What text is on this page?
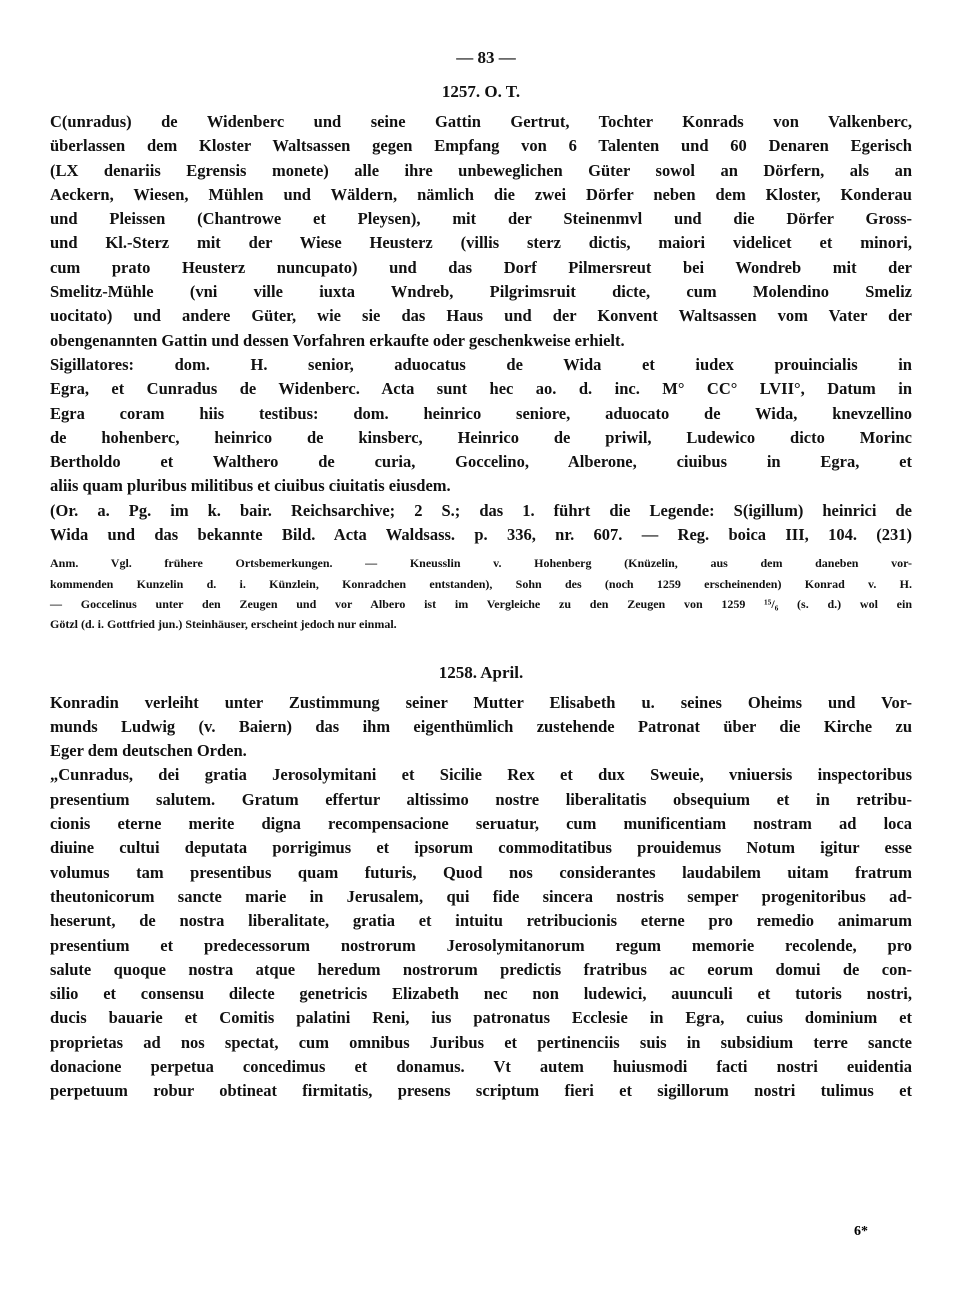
— 83 —
1257. O. T.
C(unradus) de Widenberc und seine Gattin Gertrut, Tochter Konrads von Valkenberc,
überlassen dem Kloster Waltsassen gegen Empfang von 6 Talenten und 60 Denaren Egerisch
(LX denariis Egrensis monete) alle ihre unbeweglichen Güter sowol an Dörfern, als an
Aeckern, Wiesen, Mühlen und Wäldern, nämlich die zwei Dörfer neben dem Kloster, Konderau
und Pleissen (Chantrowe et Pleysen), mit der Steinenmvl und die Dörfer Gross-
und Kl.-Sterz mit der Wiese Heusterz (villis sterz dictis, maiori videlicet et minori,
cum prato Heusterz nuncupato) und das Dorf Pilmersreut bei Wondreb mit der
Smelitz-Mühle (vni ville iuxta Wndreb, Pilgrimsruit dicte, cum Molendino Smeliz
uocitato) und andere Güter, wie sie das Haus und der Konvent Waltsassen vom Vater der
obengenannten Gattin und dessen Vorfahren erkaufte oder geschenkweise erhielt.
Sigillatores: dom. H. senior, aduocatus de Wida et iudex prouincialis in
Egra, et Cunradus de Widenberc. Acta sunt hec ao. d. inc. M° CC° LVII°, Datum in
Egra coram hiis testibus: dom. heinrico seniore, aduocato de Wida, knevzellino
de hohenberc, heinrico de kinsberc, Heinrico de priwil, Ludewico dicto Morinc
Bertholdo et Walthero de curia, Goccelino, Alberone, ciuibus in Egra, et
aliis quam pluribus militibus et ciuibus ciuitatis eiusdem.
(Or. a. Pg. im k. bair. Reichsarchive; 2 S.; das 1. führt die Legende: S(igillum) heinrici de
Wida und das bekannte Bild. Acta Waldsass. p. 336, nr. 607. — Reg. boica III, 104. (231)
Anm. Vgl. frühere Ortsbemerkungen. — Kneusslin v. Hohenberg (Knüzelin, aus dem daneben vor-
kommenden Kunzelin d. i. Künzlein, Konradchen entstanden), Sohn des (noch 1259 erscheinenden) Konrad v. H.
— Goccelinus unter den Zeugen und vor Albero ist im Vergleiche zu den Zeugen von 1259 ¹⁵/₆ (s. d.) wol ein
Götzl (d. i. Gottfried jun.) Steinhäuser, erscheint jedoch nur einmal.
1258. April.
Konradin verleiht unter Zustimmung seiner Mutter Elisabeth u. seines Oheims und Vor-
munds Ludwig (v. Baiern) das ihm eigenthümlich zustehende Patronat über die Kirche zu
Eger dem deutschen Orden.
„Cunradus, dei gratia Jerosolymitani et Sicilie Rex et dux Sweuie, vniuersis inspectoribus
presentium salutem. Gratum effertur altissimo nostre liberalitatis obsequium et in retribu-
cionis eterne merite digna recompensacione seruatur, cum munificentiam nostram ad loca
diuine cultui deputata porrigimus et ipsorum commoditatibus prouidemus Notum igitur esse
volumus tam presentibus quam futuris, Quod nos considerantes laudabilem uitam fratrum
theutonicorum sancte marie in Jerusalem, qui fide sincera nostris semper progenitoribus ad-
heserunt, de nostra liberalitate, gratia et intuitu retribucionis eterne pro remedio animarum
presentium et predecessorum nostrorum Jerosolymitanorum regum memorie recolende, pro
salute quoque nostra atque heredum nostrorum predictis fratribus ac eorum domui de con-
silio et consensu dilecte genetricis Elizabeth nec non ludewici, auunculi et tutoris nostri,
ducis bauarie et Comitis palatini Reni, ius patronatus Ecclesie in Egra, cuius dominium et
proprietas ad nos spectat, cum omnibus Juribus et pertinenciis suis in subsidium terre sancte
donacione perpetua concedimus et donamus. Vt autem huiusmodi facti nostri euidentia
perpetuum robur obtineat firmitatis, presens scriptum fieri et sigillorum nostri tulimus et
6*
